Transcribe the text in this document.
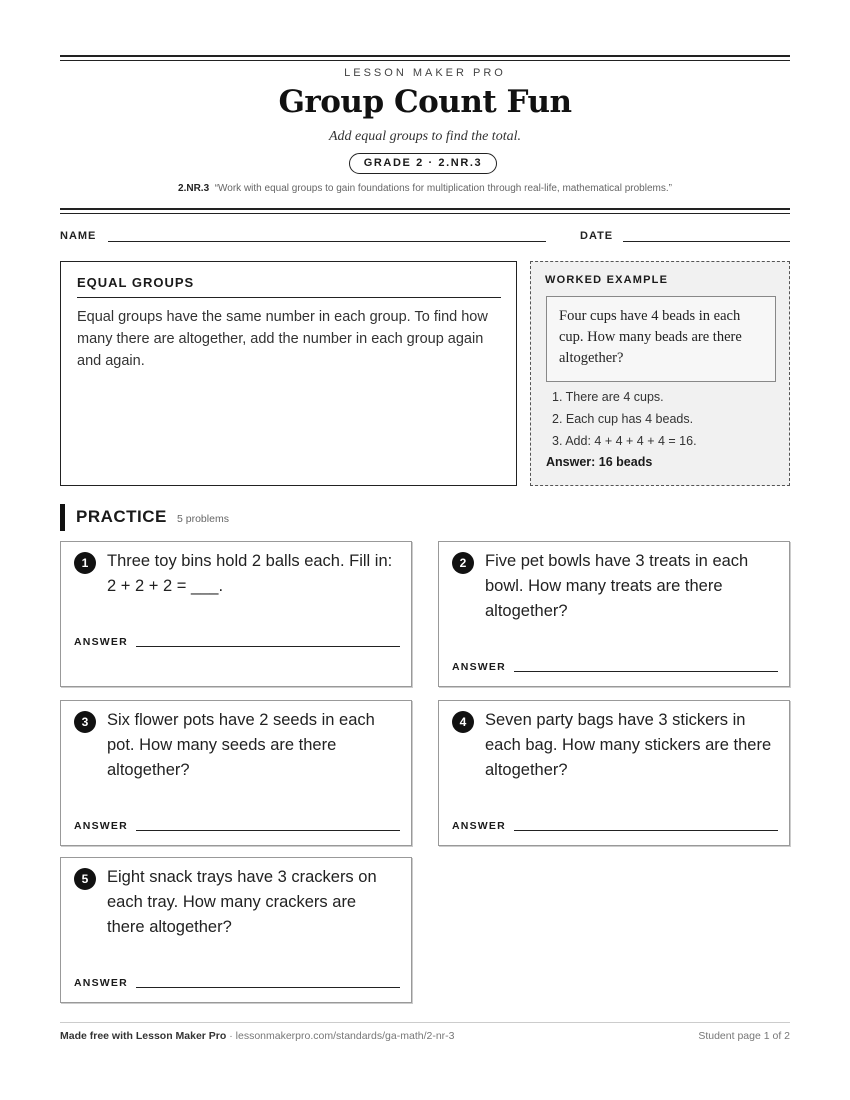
LESSON MAKER PRO
Group Count Fun
Add equal groups to find the total.
GRADE 2 · 2.NR.3
2.NR.3 “Work with equal groups to gain foundations for multiplication through real-life, mathematical problems.”
NAME	DATE
EQUAL GROUPS
Equal groups have the same number in each group. To find how many there are altogether, add the number in each group again and again.
WORKED EXAMPLE
Four cups have 4 beads in each cup. How many beads are there altogether?
1. There are 4 cups.
2. Each cup has 4 beads.
3. Add: 4 + 4 + 4 + 4 = 16.
Answer: 16 beads
PRACTICE 5 problems
1	Three toy bins hold 2 balls each. Fill in: 2 + 2 + 2 = ___.
ANSWER
2	Five pet bowls have 3 treats in each bowl. How many treats are there altogether?
ANSWER
3	Six flower pots have 2 seeds in each pot. How many seeds are there altogether?
ANSWER
4	Seven party bags have 3 stickers in each bag. How many stickers are there altogether?
ANSWER
5	Eight snack trays have 3 crackers on each tray. How many crackers are there altogether?
ANSWER
Made free with Lesson Maker Pro · lessonmakerpro.com/standards/ga-math/2-nr-3	Student page 1 of 2
